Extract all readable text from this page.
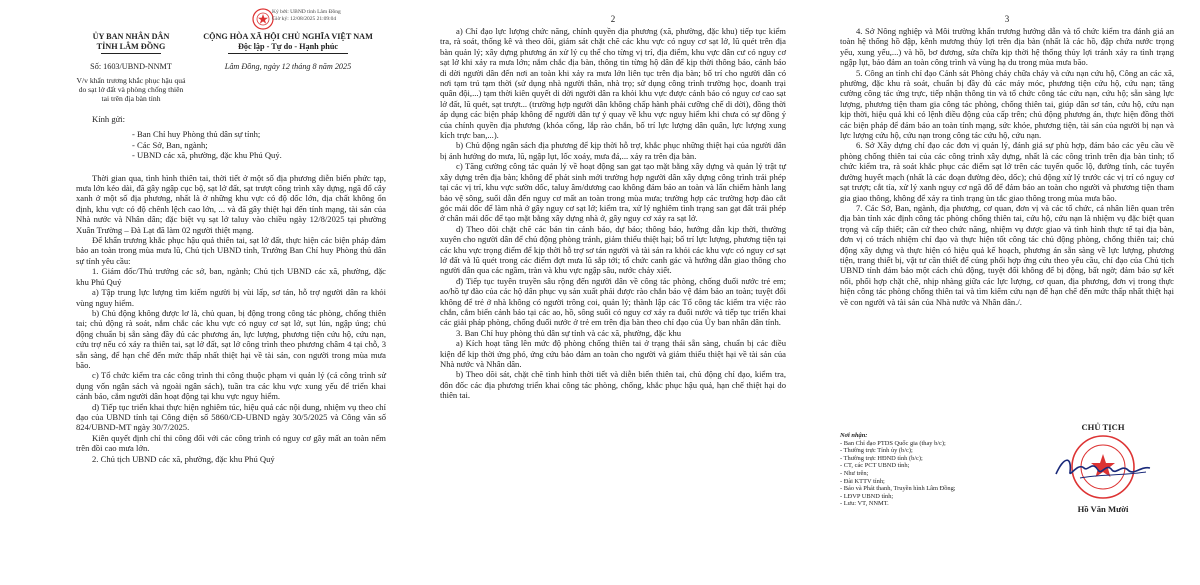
Ký bởi: UBND tỉnh Lâm Đồng
Giờ ký: 12/08/2025 21:09:04
ỦY BAN NHÂN DÂN
TỈNH LÂM ĐỒNG
Số: 1603/UBND-NNMT
V/v khẩn trương khắc phục hậu quả do sạt lở đất và phòng chống thiên tai trên địa bàn tỉnh
CỘNG HÒA XÃ HỘI CHỦ NGHĨA VIỆT NAM
Độc lập - Tự do - Hạnh phúc
Lâm Đồng, ngày 12 tháng 8 năm 2025
Kính gửi:
- Ban Chỉ huy Phòng thủ dân sự tỉnh;
- Các Sở, Ban, ngành;
- UBND các xã, phường, đặc khu Phú Quý.

Thời gian qua, tình hình thiên tai, thời tiết ở một số địa phương diễn biến phức tạp, mưa lớn kéo dài, đã gây ngập cục bộ, sạt lở đất, sạt trượt công trình xây dựng, ngã đổ cây xanh ở một số địa phương, nhất là ở những khu vực có độ dốc lớn, địa chất không ổn định, khu vực có độ chênh lệch cao lớn, ... và đã gây thiệt hại đến tính mạng, tài sản của Nhà nước và Nhân dân; đặc biệt vụ sạt lở taluy vào chiều ngày 12/8/2025 tại phường Xuân Trường – Đà Lạt đã làm 02 người thiệt mạng.

Để khẩn trương khắc phục hậu quả thiên tai, sạt lở đất, thực hiện các biện pháp đảm bảo an toàn trong mùa mưa lũ, Chủ tịch UBND tỉnh, Trưởng Ban Chỉ huy Phòng thủ dân sự tỉnh yêu cầu:

1. Giám đốc/Thủ trưởng các sở, ban, ngành; Chủ tịch UBND các xã, phường, đặc khu Phú Quý

a) Tập trung lực lượng tìm kiếm người bị vùi lấp, sơ tán, hỗ trợ người dân ra khỏi vùng nguy hiểm.

b) Chủ động không được lơ là, chủ quan, bị động trong công tác phòng, chống thiên tai; chủ động rà soát, nắm chắc các khu vực có nguy cơ sạt lở, sụt lún, ngập úng; chủ động chuẩn bị sẵn sàng đầy đủ các phương án, lực lượng, phương tiện cứu hộ, cứu nạn, cứu trợ nếu có xảy ra thiên tai, sạt lở đất, sạt lở công trình theo phương châm 4 tại chỗ, 3 sẵn sàng, để hạn chế đến mức thấp nhất thiệt hại về tài sản, con người trong mùa mưa bão.

c) Tổ chức kiểm tra các công trình thi công thuộc phạm vi quản lý (cả công trình sử dụng vốn ngân sách và ngoài ngân sách), tuần tra các khu vực xung yếu để triển khai cảnh báo, cắm người dân hoạt động tại khu vực nguy hiểm.

d) Tiếp tục triển khai thực hiện nghiêm túc, hiệu quả các nội dung, nhiệm vụ theo chỉ đạo của UBND tỉnh tại Công điện số 5860/CĐ-UBND ngày 30/5/2025 và Công văn số 824/UBND-MT ngày 30/7/2025.

Kiên quyết định chỉ thi công đối với các công trình có nguy cơ gây mất an toàn nếm trên đồi cao mưa lớn.

2. Chủ tịch UBND các xã, phường, đặc khu Phú Quý

2

a) Chỉ đạo lực lượng chức năng, chính quyền địa phương (xã, phường, đặc khu) tiếp tục kiểm tra, rà soát, thống kê và theo dõi, giám sát chặt chẽ các khu vực có nguy cơ sạt lở, lũ quét trên địa bàn quản lý; xây dựng phương án xử lý cụ thể cho từng vị trí, địa điểm, khu vực dân cư có nguy cơ sạt lở khi xảy ra mưa lớn; nắm chắc địa bàn, thông tin từng hộ dân để kịp thời thông báo, cảnh báo di dời người dân đến nơi an toàn khi xảy ra mưa lớn liên tục trên địa bàn; bố trí cho người dân có nơi tạm trú tạm thời (sử dụng nhà người thân, nhà trọ; sử dụng công trình trường học, doanh trại quân đội,...) tạm thời kiên quyết di dời người dân ra khỏi khu vực được cảnh báo có nguy cơ cao sạt lở đất, lũ quét, sạt trượt... (trường hợp người dân không chấp hành phải cưỡng chế di dời), đồng thời áp dụng các biện pháp không để người dân tự ý quay về khu vực nguy hiểm khi chưa có sự đồng ý của chính quyền địa phương (khóa cổng, lắp rào chắn, bố trí lực lượng dân quân, lực lượng xung kích trực ban,...).

b) Chủ động ngân sách địa phương để kịp thời hỗ trợ, khắc phục những thiệt hại của người dân bị ảnh hưởng do mưa, lũ, ngập lụt, lốc xoáy, mưa đá,... xảy ra trên địa bàn.

c) Tăng cường công tác quản lý về hoạt động san gạt tạo mặt bằng xây dựng và quản lý trật tự xây dựng trên địa bàn; không để phát sinh mới trường hợp người dân xây dựng công trình trái phép tại các vị trí, khu vực sườn dốc, taluy âm/dương cao không đảm bảo an toàn và lấn chiếm hành lang bảo vệ sông, suối dẫn đến nguy cơ mất an toàn trong mùa mưa; trường hợp các trường hợp đào cắt góc mái dốc để làm nhà ở gây nguy cơ sạt lở; kiểm tra, xử lý nghiêm tình trạng san gạt đất trái phép ở chân mái dốc để tạo mặt bằng xây dựng nhà ở, gây nguy cơ xảy ra sạt lở.

d) Theo dõi chặt chẽ các bản tin cảnh báo, dự báo; thông báo, hướng dẫn kịp thời, thường xuyên cho người dân để chủ động phòng tránh, giảm thiểu thiệt hại; bố trí lực lượng, phương tiện tại các khu vực trọng điểm để kịp thời hỗ trợ sơ tán người và tài sản ra khỏi các khu vực có nguy cơ sạt lở đất và lũ quét trong các điểm đợt mưa lũ sắp tới; tổ chức canh gác và hướng dẫn giao thông cho người dân qua các ngầm, tràn và khu vực ngập sâu, nước chảy xiết.

đ) Tiếp tục tuyên truyền sâu rộng đến người dân về công tác phòng, chống đuối nước trẻ em; ao/hồ tự đào của các hộ dân phục vụ sản xuất phải được rào chắn bảo vệ đảm bảo an toàn; tuyệt đối không để trẻ ở nhà không có người trông coi, quản lý; thành lập các Tổ công tác kiểm tra việc rào chắn, cắm biển cảnh báo tại các ao, hồ, sông suối có nguy cơ xảy ra đuối nước và tiếp tục triển khai các giải pháp phòng, chống đuối nước ở trẻ em trên địa bàn theo chỉ đạo của Ủy ban nhân dân tỉnh.

3. Ban Chỉ huy phòng thủ dân sự tỉnh và các xã, phường, đặc khu

a) Kích hoạt tăng lên mức độ phòng chống thiên tai ở trạng thái sẵn sàng, chuẩn bị các điều kiện để kịp thời ứng phó, ứng cứu bảo đảm an toàn cho người và giảm thiểu thiệt hại về tài sản của Nhà nước và Nhân dân.

b) Theo dõi sát, chặt chẽ tình hình thời tiết và diễn biến thiên tai, chủ động chỉ đạo, kiểm tra, đôn đốc các địa phương triển khai công tác phòng, chống, khắc phục hậu quả, hạn chế thiệt hại do thiên tai.

3

4. Sở Nông nghiệp và Môi trường khẩn trương hướng dẫn và tổ chức kiểm tra đánh giá an toàn hệ thống hồ đập, kênh mương thủy lợi trên địa bàn (nhất là các hồ, đập chứa nước trọng yếu, xung yếu,...) và hồ, bơ đương, sửa chữa kịp thời hệ thống thủy lợi tránh xảy ra tình trạng ngập lụt, bảo đảm an toàn công trình và vùng hạ du trong mùa mưa bão.

5. Công an tỉnh chỉ đạo Cảnh sát Phòng cháy chữa cháy và cứu nạn cứu hộ, Công an các xã, phường, đặc khu rà soát, chuẩn bị đầy đủ các máy móc, phương tiện cứu hộ, cứu nạn; tăng cường công tác ứng trực, tiếp nhận thông tin và tổ chức công tác cứu nạn, cứu hộ; sẵn sàng lực lượng, phương tiện tham gia công tác phòng, chống thiên tai, giúp dân sơ tán, cứu hộ, cứu nạn kịp thời, hiệu quả khi có lệnh điều động của cấp trên; chủ động phương án, thực hiện đồng thời các biện pháp để đảm bảo an toàn tính mạng, sức khỏe, phương tiện, tài sản của người bị nạn và lực lượng cứu hộ, cứu nạn trong công tác cứu hộ, cứu nạn.

6. Sở Xây dựng chỉ đạo các đơn vị quản lý, đánh giá sự phù hợp, đảm bảo các yêu cầu về phòng chống thiên tai của các công trình xây dựng, nhất là các công trình trên địa bàn tỉnh; tổ chức kiểm tra, rà soát khắc phục các điểm sạt lở trên các tuyến quốc lộ, đường tỉnh, các tuyến đường huyết mạch (nhất là các đoạn đường đèo, dốc); chủ động xử lý trước các vị trí có nguy cơ sạt trượt; cắt tỉa, xử lý xanh nguy cơ ngã đổ để đảm bảo an toàn cho người và phương tiện tham gia giao thông, không để xảy ra tình trạng ùn tắc giao thông trong mùa mưa bão.

7. Các Sở, Ban, ngành, địa phương, cơ quan, đơn vị và các tổ chức, cá nhân liên quan trên địa bàn tỉnh xác định công tác phòng chống thiên tai, cứu hộ, cứu nạn là nhiệm vụ đặc biệt quan trọng và cấp thiết; căn cứ theo chức năng, nhiệm vụ được giao và tình hình thực tế tại địa bàn, đơn vị có trách nhiệm chỉ đạo và thực hiện tốt công tác chủ động phòng, chống thiên tai; chủ động xây dựng và thực hiện có hiệu quả kế hoạch, phương án sẵn sàng về lực lượng, phương tiện, trang thiết bị, vật tư cần thiết để củng phối hợp ứng cứu theo yêu cầu, chỉ đạo của Chủ tịch UBND tỉnh đảm bảo một cách chủ động, tuyệt đối không để bị động, bất ngờ; đảm bảo sự kết nối, phối hợp chặt chẽ, nhịp nhàng giữa các lực lượng, cơ quan, địa phương, đơn vị trong thực hiện công tác phòng chống thiên tai và tìm kiếm cứu nạn để hạn chế đến mức thấp nhất thiệt hại về con người và tài sản của Nhà nước và Nhân dân./.

Nơi nhận:

- Ban Chỉ đạo PTDS Quốc gia (thay b/c);

- Thường trực Tỉnh ủy (b/c);

- Thường trực HĐND tỉnh (b/c);

- CT, các PCT UBND tỉnh;

- Như trên;

- Đài KTTV tỉnh;

- Báo và Phát thanh, Truyền hình Lâm Đồng;

- LĐVP UBND tỉnh;

- Lưu: VT, NNMT.

CHỦ TỊCH
Hồ Văn Mười
